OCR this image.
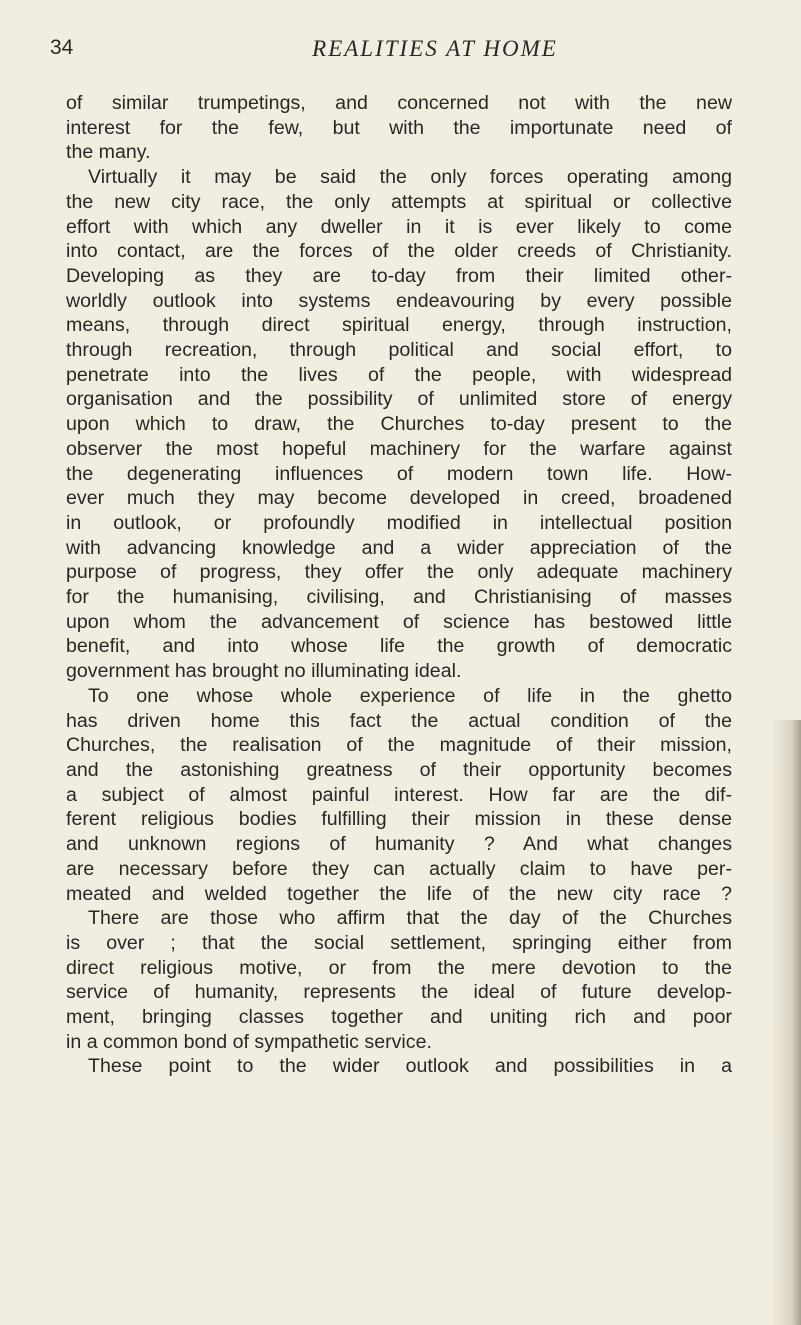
34	REALITIES AT HOME
of similar trumpetings, and concerned not with the new
interest for the few, but with the importunate need of
the many.
Virtually it may be said the only forces operating among
the new city race, the only attempts at spiritual or collective
effort with which any dweller in it is ever likely to come
into contact, are the forces of the older creeds of Christianity.
Developing as they are to-day from their limited other-
worldly outlook into systems endeavouring by every possible
means, through direct spiritual energy, through instruction,
through recreation, through political and social effort, to
penetrate into the lives of the people, with widespread
organisation and the possibility of unlimited store of energy
upon which to draw, the Churches to-day present to the
observer the most hopeful machinery for the warfare against
the degenerating influences of modern town life. How-
ever much they may become developed in creed, broadened
in outlook, or profoundly modified in intellectual position
with advancing knowledge and a wider appreciation of the
purpose of progress, they offer the only adequate machinery
for the humanising, civilising, and Christianising of masses
upon whom the advancement of science has bestowed little
benefit, and into whose life the growth of democratic
government has brought no illuminating ideal.
To one whose whole experience of life in the ghetto
has driven home this fact the actual condition of the
Churches, the realisation of the magnitude of their mission,
and the astonishing greatness of their opportunity becomes
a subject of almost painful interest. How far are the dif-
ferent religious bodies fulfilling their mission in these dense
and unknown regions of humanity ? And what changes
are necessary before they can actually claim to have per-
meated and welded together the life of the new city race ?
There are those who affirm that the day of the Churches
is over ; that the social settlement, springing either from
direct religious motive, or from the mere devotion to the
service of humanity, represents the ideal of future develop-
ment, bringing classes together and uniting rich and poor
in a common bond of sympathetic service.
These point to the wider outlook and possibilities in a
